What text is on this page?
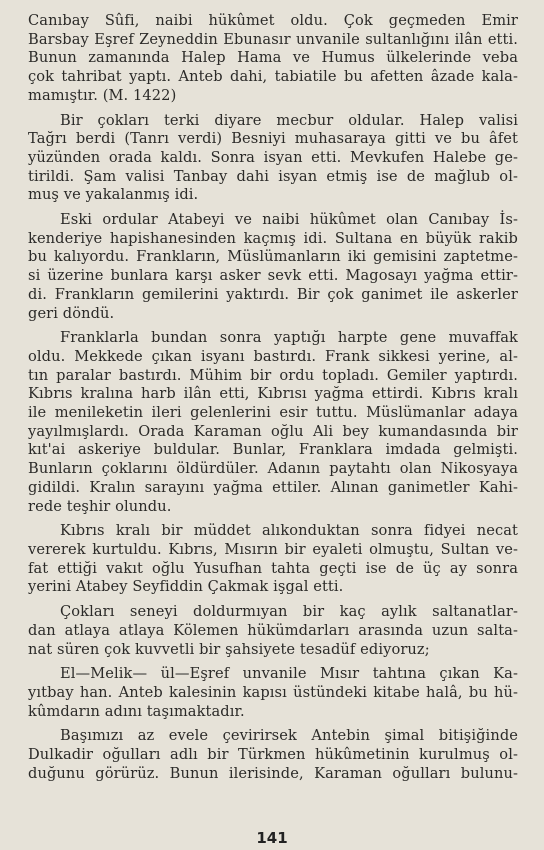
Canıbay Sûfi, naibi hükûmet oldu. Çok geçmeden Emir
Barsbay Eşref Zeyneddin Ebunasır unvanile sultanlığını ilân etti.
Bunun zamanında Halep Hama ve Humus ülkelerinde veba
çok tahribat yaptı. Anteb dahi, tabiatile bu afetten âzade kala-
mamıştır. (M. 1422)

Bir çokları terki diyare mecbur oldular. Halep valisi
Tağrı berdi (Tanrı verdi) Besniyi muhasaraya gitti ve bu âfet
yüzünden orada kaldı. Sonra isyan etti. Mevkufen Halebe ge-
tirildi. Şam valisi Tanbay dahi isyan etmiş ise de mağlub ol-
muş ve yakalanmış idi.

Eski ordular Atabeyi ve naibi hükûmet olan Canıbay İs-
kenderiye hapishanesinden kaçmış idi. Sultana en büyük rakib
bu kalıyordu. Frankların, Müslümanların iki gemisini zaptetme-
si üzerine bunlara karşı asker sevk etti. Magosayı yağma ettir-
di. Frankların gemilerini yaktırdı. Bir çok ganimet ile askerler
geri döndü.

Franklarla bundan sonra yaptığı harpte gene muvaffak
oldu. Mekkede çıkan isyanı bastırdı. Frank sikkesi yerine, al-
tın paralar bastırdı. Mühim bir ordu topladı. Gemiler yaptırdı.
Kıbrıs kralına harb ilân etti, Kıbrısı yağma ettirdi. Kıbrıs kralı
ile menileketin ileri gelenlerini esir tuttu. Müslümanlar adaya
yayılmışlardı. Orada Karaman oğlu Ali bey kumandasında bir
kıt'ai askeriye buldular. Bunlar, Franklara imdada gelmişti.
Bunların çoklarını öldürdüler. Adanın paytahtı olan Nikosyaya
gidildi. Kralın sarayını yağma ettiler. Alınan ganimetler Kahi-
rede teşhir olundu.

Kıbrıs kralı bir müddet alıkonduktan sonra fidyei necat
vererek kurtuldu. Kıbrıs, Mısırın bir eyaleti olmuştu, Sultan ve-
fat ettiği vakıt oğlu Yusufhan tahta geçti ise de üç ay sonra
yerini Atabey Seyfiddin Çakmak işgal etti.

Çokları seneyi doldurmıyan bir kaç aylık saltanatlar-
dan atlaya atlaya Kölemen hükümdarları arasında uzun salta-
nat süren çok kuvvetli bir şahsiyete tesadüf ediyoruz;

El—Melik— ül—Eşref unvanile Mısır tahtına çıkan Ka-
yıtbay han. Anteb kalesinin kapısı üstündeki kitabe halâ, bu hü-
kûmdarın adını taşımaktadır.

Başımızı az evele çevirirsek Antebin şimal bitişiğinde
Dulkadir oğulları adlı bir Türkmen hükûmetinin kurulmuş ol-
duğunu görürüz. Bunun ilerisinde, Karaman oğulları bulunu-

141
